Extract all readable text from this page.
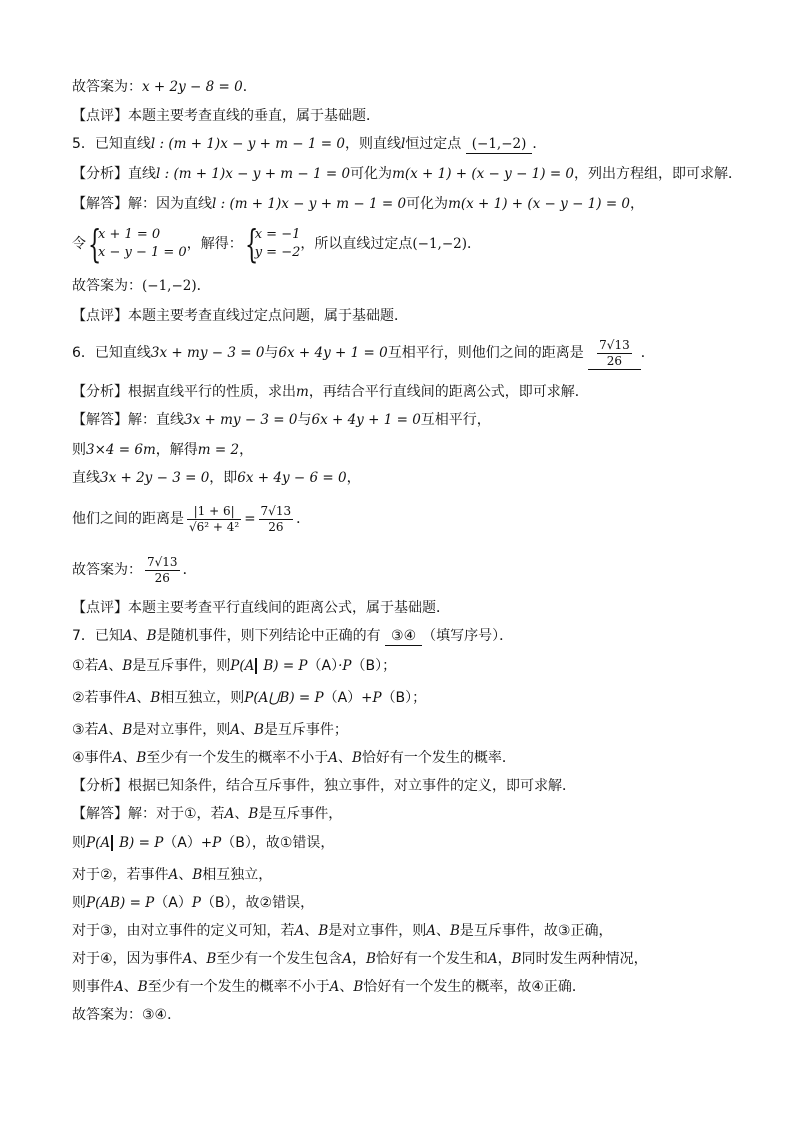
故答案为：x + 2y − 8 = 0．
【点评】本题主要考查直线的垂直，属于基础题．
5．已知直线l : (m + 1)x − y + m − 1 = 0，则直线l恒过定点 (−1,−2) ．
【分析】直线l : (m + 1)x − y + m − 1 = 0可化为m(x + 1) + (x − y − 1) = 0，列出方程组，即可求解．
【解答】解：因为直线l : (m + 1)x − y + m − 1 = 0可化为m(x + 1) + (x − y − 1) = 0，
令 {
x + 1 = 0
x − y − 1 = 0
，解得： {
x = −1
y = −2
，所以直线过定点(−1,−2)．
故答案为：(−1,−2)．
【点评】本题主要考查直线过定点问题，属于基础题．
6．已知直线3x + my − 3 = 0与6x + 4y + 1 = 0互相平行，则他们之间的距离是 $\frac{7√13}{26}$ ．
【分析】根据直线平行的性质，求出m，再结合平行直线间的距离公式，即可求解．
【解答】解：直线3x + my − 3 = 0与6x + 4y + 1 = 0互相平行，
则3×4 = 6m，解得m = 2，
直线3x + 2y − 3 = 0，即6x + 4y − 6 = 0，
他们之间的距离是 $\frac{|1 + 6|}{\text{√6² + 4²}} = \frac{7√13}{26}$ ．
故答案为： $\frac{7√13}{26}$ ．
【点评】本题主要考查平行直线间的距离公式，属于基础题．
7．已知A、B是随机事件，则下列结论中正确的有 ③④ （填写序号）．
①若A、B是互斥事件，则P(A B) = P（A）·P（B）；
②若事件A、B相互独立，则P(A⋃B) = P（A）+P（B）；
③若A、B是对立事件，则A、B是互斥事件；
④事件A、B至少有一个发生的概率不小于A、B恰好有一个发生的概率．
【分析】根据已知条件，结合互斥事件，独立事件，对立事件的定义，即可求解．
【解答】解：对于①，若A、B是互斥事件，
则P(A B) = P（A）+P（B），故①错误，
对于②，若事件A、B相互独立，
则P(AB) = P（A）P（B），故②错误，
对于③，由对立事件的定义可知，若A、B是对立事件，则A、B是互斥事件，故③正确，
对于④，因为事件A、B至少有一个发生包含A，B恰好有一个发生和A，B同时发生两种情况，
则事件A、B至少有一个发生的概率不小于A、B恰好有一个发生的概率，故④正确．
故答案为：③④．
